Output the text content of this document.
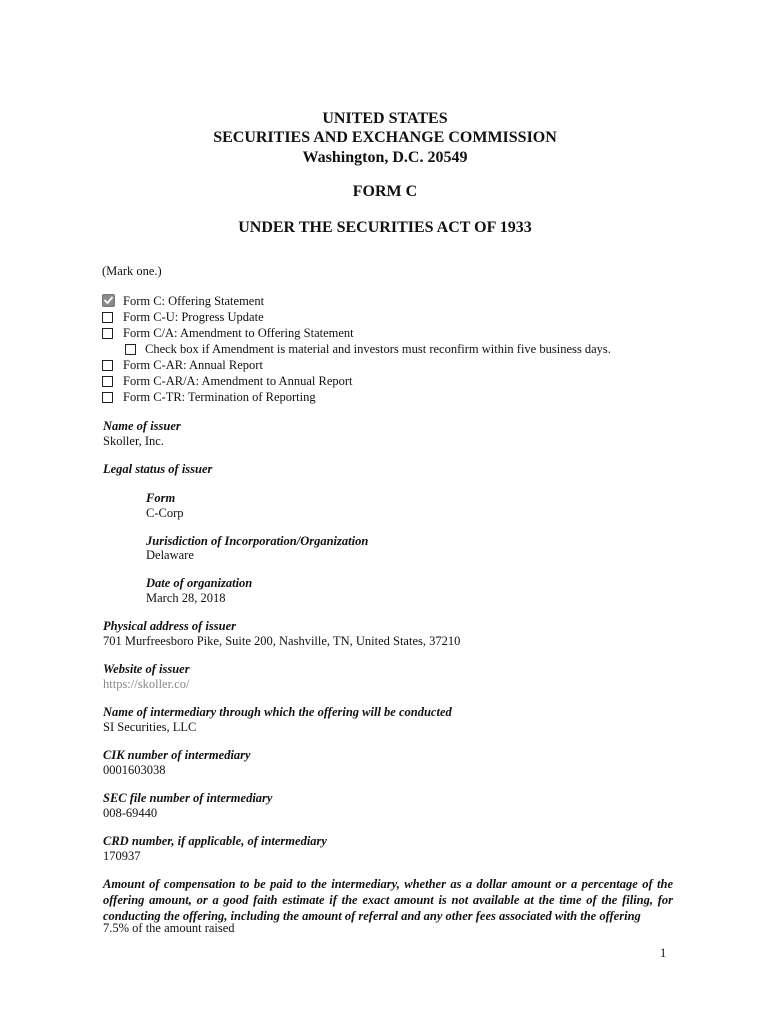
UNITED STATES
SECURITIES AND EXCHANGE COMMISSION
Washington, D.C. 20549
FORM C
UNDER THE SECURITIES ACT OF 1933
(Mark one.)
Form C: Offering Statement
Form C-U: Progress Update
Form C/A: Amendment to Offering Statement
Check box if Amendment is material and investors must reconfirm within five business days.
Form C-AR: Annual Report
Form C-AR/A: Amendment to Annual Report
Form C-TR: Termination of Reporting
Name of issuer
Skoller, Inc.
Legal status of issuer
Form
C-Corp
Jurisdiction of Incorporation/Organization
Delaware
Date of organization
March 28, 2018
Physical address of issuer
701 Murfreesboro Pike, Suite 200, Nashville, TN, United States, 37210
Website of issuer
https://skoller.co/
Name of intermediary through which the offering will be conducted
SI Securities, LLC
CIK number of intermediary
0001603038
SEC file number of intermediary
008-69440
CRD number, if applicable, of intermediary
170937
Amount of compensation to be paid to the intermediary, whether as a dollar amount or a percentage of the offering amount, or a good faith estimate if the exact amount is not available at the time of the filing, for conducting the offering, including the amount of referral and any other fees associated with the offering
7.5% of the amount raised
1
